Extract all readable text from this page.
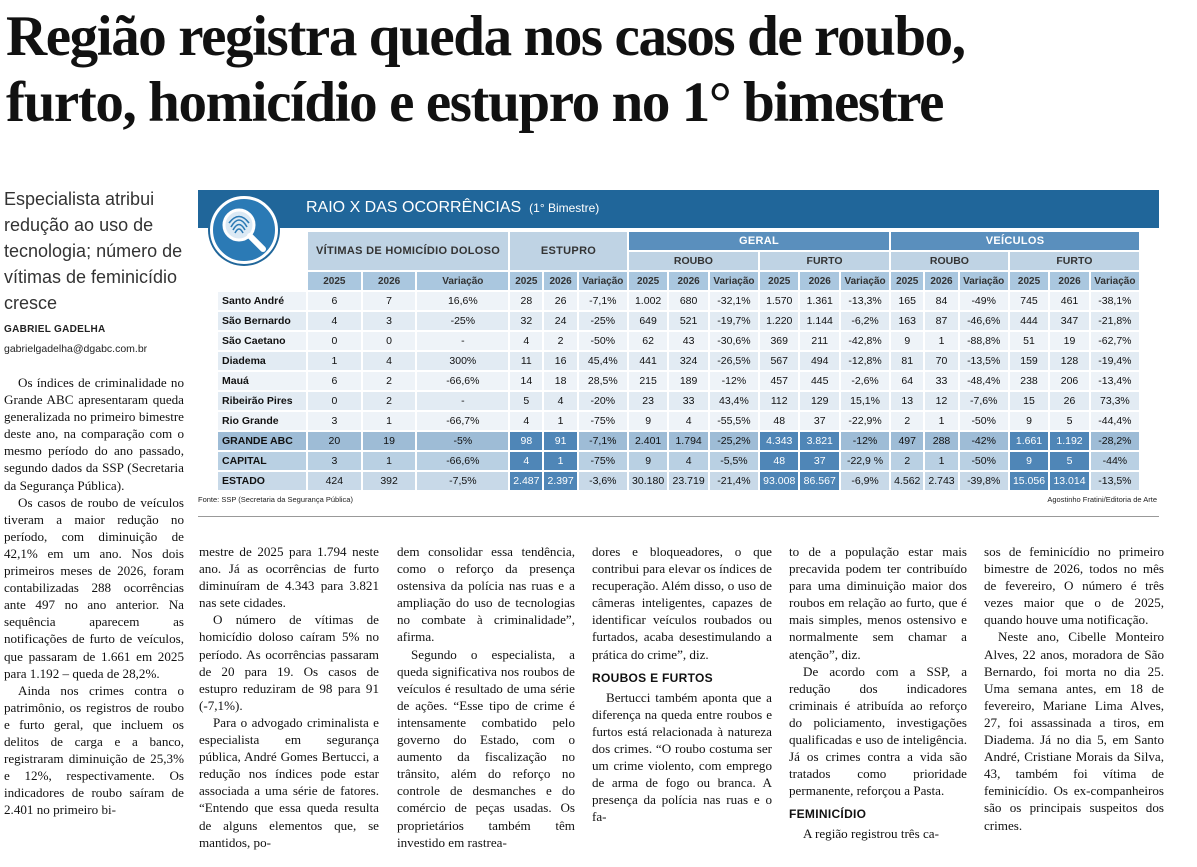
Região registra queda nos casos de roubo,
furto, homicídio e estupro no 1° bimestre
Especialista atribui redução ao uso de tecnologia; número de vítimas de feminicídio cresce
GABRIEL GADELHA
gabrielgadelha@dgabc.com.br
RAIO X DAS OCORRÊNCIAS (1° Bimestre)
	VÍTIMAS DE HOMICÍDIO DOLOSO			ESTUPRO			GERAL						VEÍCULOS					
							ROUBO			FURTO			ROUBO			FURTO		
	2025	2026	Variação	2025	2026	Variação	2025	2026	Variação	2025	2026	Variação	2025	2026	Variação	2025	2026	Variação
Santo André	6	7	16,6%	28	26	-7,1%	1.002	680	-32,1%	1.570	1.361	-13,3%	165	84	-49%	745	461	-38,1%
São Bernardo	4	3	-25%	32	24	-25%	649	521	-19,7%	1.220	1.144	-6,2%	163	87	-46,6%	444	347	-21,8%
São Caetano	0	0	-	4	2	-50%	62	43	-30,6%	369	211	-42,8%	9	1	-88,8%	51	19	-62,7%
Diadema	1	4	300%	11	16	45,4%	441	324	-26,5%	567	494	-12,8%	81	70	-13,5%	159	128	-19,4%
Mauá	6	2	-66,6%	14	18	28,5%	215	189	-12%	457	445	-2,6%	64	33	-48,4%	238	206	-13,4%
Ribeirão Pires	0	2	-	5	4	-20%	23	33	43,4%	112	129	15,1%	13	12	-7,6%	15	26	73,3%
Rio Grande	3	1	-66,7%	4	1	-75%	9	4	-55,5%	48	37	-22,9%	2	1	-50%	9	5	-44,4%
GRANDE ABC	20	19	-5%	98	91	-7,1%	2.401	1.794	-25,2%	4.343	3.821	-12%	497	288	-42%	1.661	1.192	-28,2%
CAPITAL	3	1	-66,6%	4	1	-75%	9	4	-5,5%	48	37	-22,9 %	2	1	-50%	9	5	-44%
ESTADO	424	392	-7,5%	2.487	2.397	-3,6%	30.180	23.719	-21,4%	93.008	86.567	-6,9%	4.562	2.743	-39,8%	15.056	13.014	-13,5%
Fonte: SSP (Secretaria da Segurança Pública)	Agostinho Fratini/Editoria de Arte

Os índices de criminalidade no Grande ABC apresentaram queda generalizada no primeiro bimestre deste ano, na comparação com o mesmo período do ano passado, segundo dados da SSP (Secretaria da Segurança Pública).

Os casos de roubo de veículos tiveram a maior redução no período, com diminuição de 42,1% em um ano. Nos dois primeiros meses de 2026, foram contabilizadas 288 ocorrências ante 497 no ano anterior. Na sequência aparecem as notificações de furto de veículos, que passaram de 1.661 em 2025 para 1.192 – queda de 28,2%.

Ainda nos crimes contra o patrimônio, os registros de roubo e furto geral, que incluem os delitos de carga e a banco, registraram diminuição de 25,3% e 12%, respectivamente. Os indicadores de roubo saíram de 2.401 no primeiro bi-

mestre de 2025 para 1.794 neste ano. Já as ocorrências de furto diminuíram de 4.343 para 3.821 nas sete cidades.

O número de vítimas de homicídio doloso caíram 5% no período. As ocorrências passaram de 20 para 19. Os casos de estupro reduziram de 98 para 91 (-7,1%).

Para o advogado criminalista e especialista em segurança pública, André Gomes Bertucci, a redução nos índices pode estar associada a uma série de fatores. “Entendo que essa queda resulta de alguns elementos que, se mantidos, po-

dem consolidar essa tendência, como o reforço da presença ostensiva da polícia nas ruas e a ampliação do uso de tecnologias no combate à criminalidade”, afirma.

Segundo o especialista, a queda significativa nos roubos de veículos é resultado de uma série de ações. “Esse tipo de crime é intensamente combatido pelo governo do Estado, com o aumento da fiscalização no trânsito, além do reforço no controle de desmanches e do comércio de peças usadas. Os proprietários também têm investido em rastrea-

dores e bloqueadores, o que contribui para elevar os índices de recuperação. Além disso, o uso de câmeras inteligentes, capazes de identificar veículos roubados ou furtados, acaba desestimulando a prática do crime”, diz.

ROUBOS E FURTOS

Bertucci também aponta que a diferença na queda entre roubos e furtos está relacionada à natureza dos crimes. “O roubo costuma ser um crime violento, com emprego de arma de fogo ou branca. A presença da polícia nas ruas e o fa-

to de a população estar mais precavida podem ter contribuído para uma diminuição maior dos roubos em relação ao furto, que é mais simples, menos ostensivo e normalmente sem chamar a atenção”, diz.

De acordo com a SSP, a redução dos indicadores criminais é atribuída ao reforço do policiamento, investigações qualificadas e uso de inteligência. Já os crimes contra a vida são tratados como prioridade permanente, reforçou a Pasta.

FEMINICÍDIO

A região registrou três ca-

sos de feminicídio no primeiro bimestre de 2026, todos no mês de fevereiro, O número é três vezes maior que o de 2025, quando houve uma notificação.

Neste ano, Cibelle Monteiro Alves, 22 anos, moradora de São Bernardo, foi morta no dia 25. Uma semana antes, em 18 de fevereiro, Mariane Lima Alves, 27, foi assassinada a tiros, em Diadema. Já no dia 5, em Santo André, Cristiane Morais da Silva, 43, também foi vítima de feminicídio. Os ex-companheiros são os principais suspeitos dos crimes.
